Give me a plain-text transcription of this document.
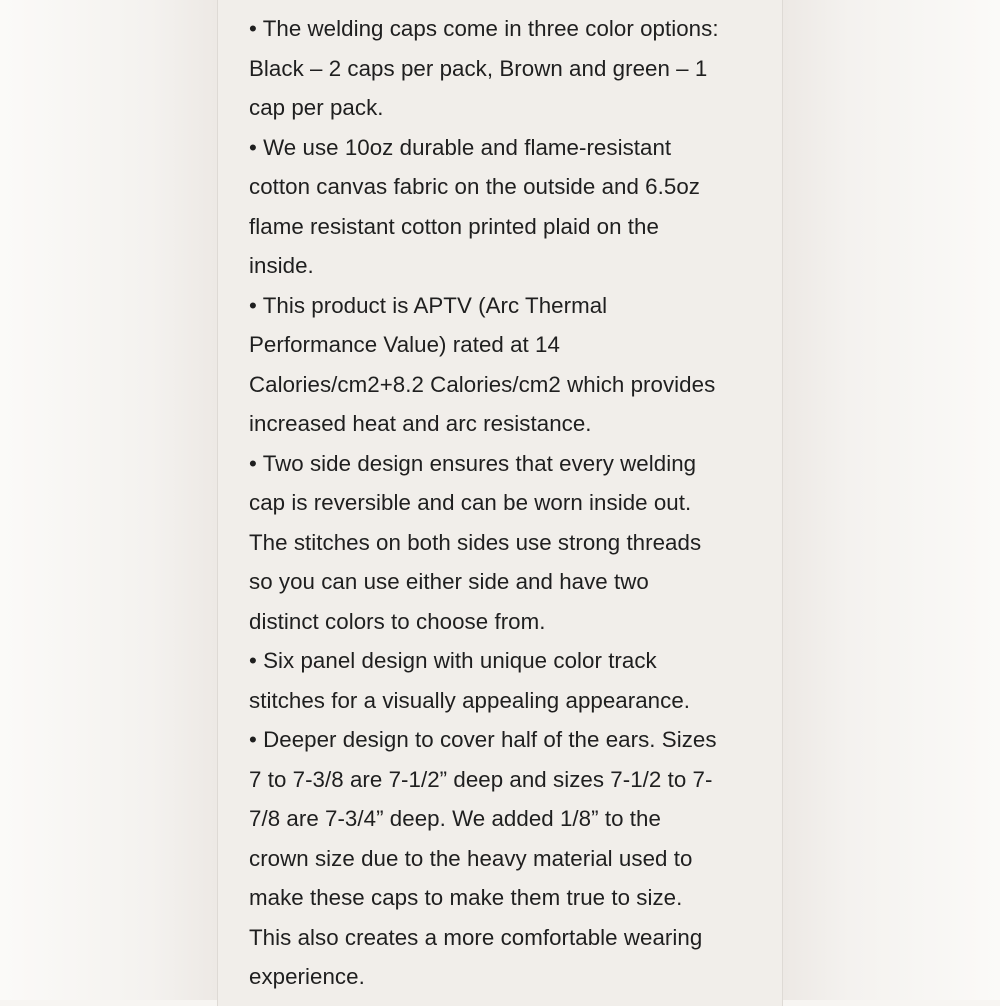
• The welding caps come in three color options:
Black – 2 caps per pack, Brown and green – 1
cap per pack.
• We use 10oz durable and flame-resistant
cotton canvas fabric on the outside and 6.5oz
flame resistant cotton printed plaid on the
inside.
• This product is APTV (Arc Thermal
Performance Value) rated at 14
Calories/cm2+8.2 Calories/cm2 which provides
increased heat and arc resistance.
• Two side design ensures that every welding
cap is reversible and can be worn inside out.
The stitches on both sides use strong threads
so you can use either side and have two
distinct colors to choose from.
• Six panel design with unique color track
stitches for a visually appealing appearance.
• Deeper design to cover half of the ears. Sizes
7 to 7-3/8 are 7-1/2” deep and sizes 7-1/2 to 7-
7/8 are 7-3/4” deep. We added 1/8” to the
crown size due to the heavy material used to
make these caps to make them true to size.
This also creates a more comfortable wearing
experience.
